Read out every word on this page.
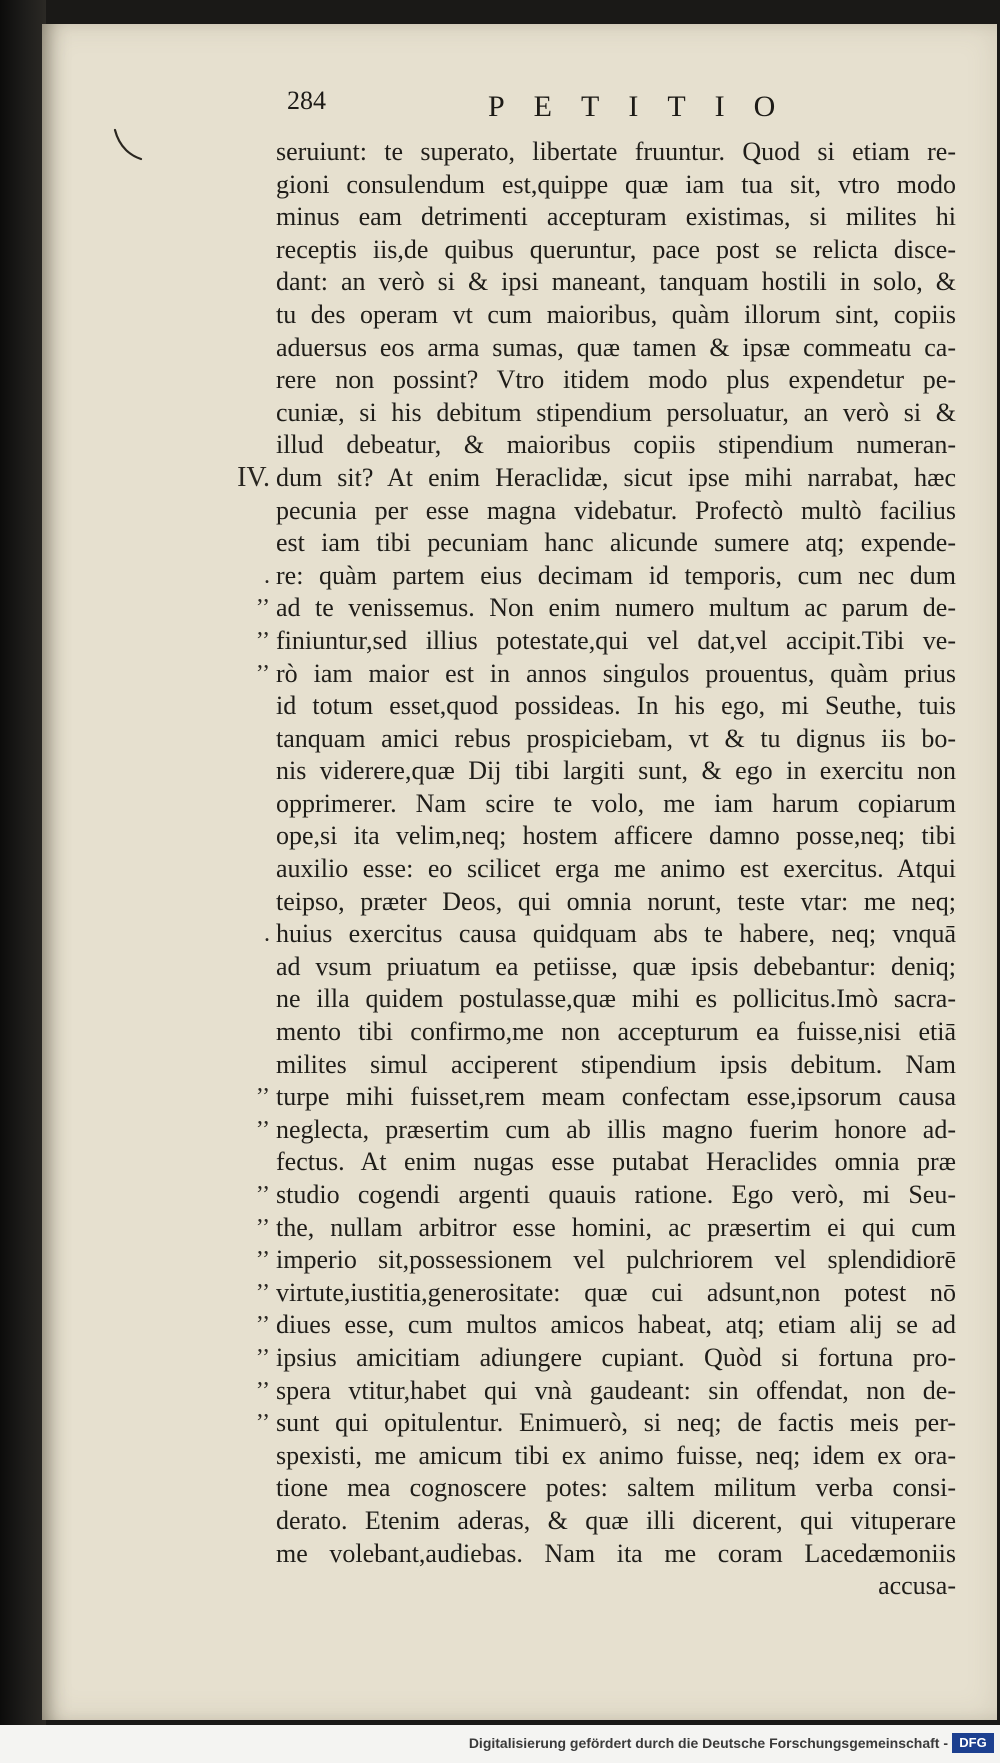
284	PETITIO
IV.
.
’’
’’
’’
.
’’
’’
’’
’’
’’
’’
’’
’’
’’
’’
seruiunt: te superato, libertate fruuntur. Quod si etiam re-
gioni consulendum est,quippe quæ iam tua sit, vtro modo
minus eam detrimenti accepturam existimas, si milites hi
receptis iis,de quibus queruntur, pace post se relicta disce-
dant: an verò si & ipsi maneant, tanquam hostili in solo, &
tu des operam vt cum maioribus, quàm illorum sint, copiis
aduersus eos arma sumas, quæ tamen & ipsæ commeatu ca-
rere non possint? Vtro itidem modo plus expendetur pe-
cuniæ, si his debitum stipendium persoluatur, an verò si &
illud debeatur, & maioribus copiis stipendium numeran-
dum sit? At enim Heraclidæ, sicut ipse mihi narrabat, hæc
pecunia per esse magna videbatur. Profectò multò facilius
est iam tibi pecuniam hanc alicunde sumere atq; expende-
re: quàm partem eius decimam id temporis, cum nec dum
ad te venissemus. Non enim numero multum ac parum de-
finiuntur,sed illius potestate,qui vel dat,vel accipit.Tibi ve-
rò iam maior est in annos singulos prouentus, quàm prius
id totum esset,quod possideas. In his ego, mi Seuthe, tuis
tanquam amici rebus prospiciebam, vt & tu dignus iis bo-
nis viderere,quæ Dij tibi largiti sunt, & ego in exercitu non
opprimerer. Nam scire te volo, me iam harum copiarum
ope,si ita velim,neq; hostem afficere damno posse,neq; tibi
auxilio esse: eo scilicet erga me animo est exercitus. Atqui
teipso, præter Deos, qui omnia norunt, teste vtar: me neq;
huius exercitus causa quidquam abs te habere, neq; vnquā
ad vsum priuatum ea petiisse, quæ ipsis debebantur: deniq;
ne illa quidem postulasse,quæ mihi es pollicitus.Imò sacra-
mento tibi confirmo,me non accepturum ea fuisse,nisi etiā
milites simul acciperent stipendium ipsis debitum. Nam
turpe mihi fuisset,rem meam confectam esse,ipsorum causa
neglecta, præsertim cum ab illis magno fuerim honore ad-
fectus. At enim nugas esse putabat Heraclides omnia præ
studio cogendi argenti quauis ratione. Ego verò, mi Seu-
the, nullam arbitror esse homini, ac præsertim ei qui cum
imperio sit,possessionem vel pulchriorem vel splendidiorē
virtute,iustitia,generositate: quæ cui adsunt,non potest nō
diues esse, cum multos amicos habeat, atq; etiam alij se ad
ipsius amicitiam adiungere cupiant. Quòd si fortuna pro-
spera vtitur,habet qui vnà gaudeant: sin offendat, non de-
sunt qui opitulentur. Enimuerò, si neq; de factis meis per-
spexisti, me amicum tibi ex animo fuisse, neq; idem ex ora-
tione mea cognoscere potes: saltem militum verba consi-
derato. Etenim aderas, & quæ illi dicerent, qui vituperare
me volebant,audiebas. Nam ita me coram Lacedæmoniis
accusa-
Digitalisierung gefördert durch die Deutsche Forschungsgemeinschaft - DFG
